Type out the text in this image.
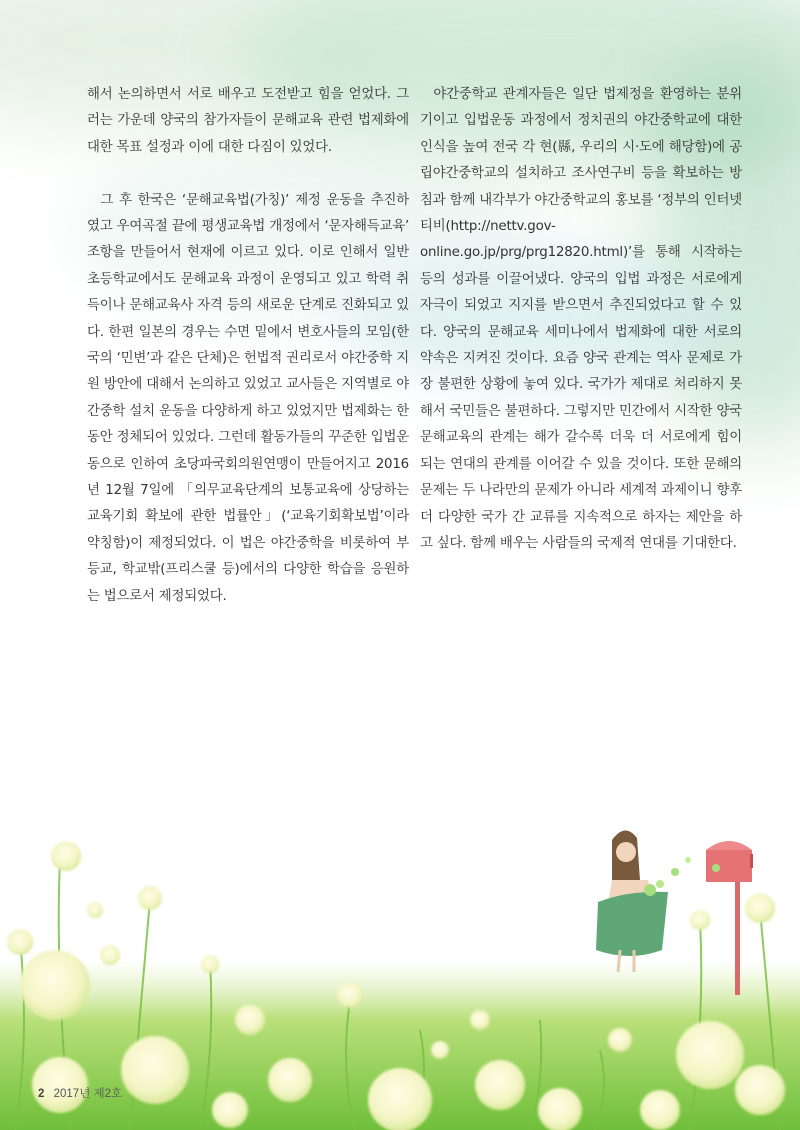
해서 논의하면서 서로 배우고 도전받고 힘을 얻었다. 그러는 가운데 양국의 참가자들이 문해교육 관련 법제화에 대한 목표 설정과 이에 대한 다짐이 있었다.

그 후 한국은 ‘문해교육법(가칭)’ 제정 운동을 추진하였고 우여곡절 끝에 평생교육법 개정에서 ‘문자해득교육’ 조항을 만들어서 현재에 이르고 있다. 이로 인해서 일반 초등학교에서도 문해교육 과정이 운영되고 있고 학력 취득이나 문해교육사 자격 등의 새로운 단계로 진화되고 있다. 한편 일본의 경우는 수면 밑에서 변호사들의 모임(한국의 ‘민변’과 같은 단체)은 헌법적 권리로서 야간중학 지원 방안에 대해서 논의하고 있었고 교사들은 지역별로 야간중학 설치 운동을 다양하게 하고 있었지만 법제화는 한동안 정체되어 있었다. 그런데 활동가들의 꾸준한 입법운동으로 인하여 초당파국회의원연맹이 만들어지고 2016년 12월 7일에 「의무교육단계의 보통교육에 상당하는 교육기회 확보에 관한 법률안」(‘교육기회확보법’이라 약칭함)이 제정되었다. 이 법은 야간중학을 비롯하여 부등교, 학교밖(프리스쿨 등)에서의 다양한 학습을 응원하는 법으로서 제정되었다.

야간중학교 관계자들은 일단 법제정을 환영하는 분위기이고 입법운동 과정에서 정치권의 야간중학교에 대한 인식을 높여 전국 각 현(縣, 우리의 시·도에 해당함)에 공립야간중학교의 설치하고 조사연구비 등을 확보하는 방침과 함께 내각부가 야간중학교의 홍보를 ‘정부의 인터넷티비(http://nettv.gov-online.go.jp/prg/prg12820.html)’를 통해 시작하는 등의 성과를 이끌어냈다. 양국의 입법 과정은 서로에게 자극이 되었고 지지를 받으면서 추진되었다고 할 수 있다. 양국의 문해교육 세미나에서 법제화에 대한 서로의 약속은 지켜진 것이다. 요즘 양국 관계는 역사 문제로 가장 불편한 상황에 놓여 있다. 국가가 제대로 처리하지 못해서 국민들은 불편하다. 그렇지만 민간에서 시작한 양국 문해교육의 관계는 해가 갈수록 더욱 더 서로에게 힘이 되는 연대의 관계를 이어갈 수 있을 것이다. 또한 문해의 문제는 두 나라만의 문제가 아니라 세계적 과제이니 향후 더 다양한 국가 간 교류를 지속적으로 하자는 제안을 하고 싶다. 함께 배우는 사람들의 국제적 연대를 기대한다.

2 2017년 제2호
